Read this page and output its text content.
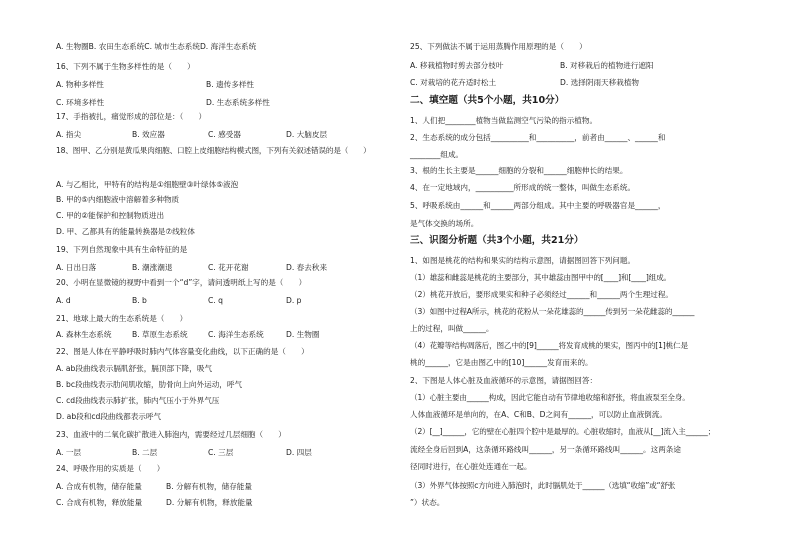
A. 生物圈B. 农田生态系统C. 城市生态系统D. 海洋生态系统
16、下列不属于生物多样性的是（　　）
A. 物种多样性	B. 遗传多样性
C. 环境多样性	D. 生态系统多样性
17、手指被扎，痛觉形成的部位是：（　　）
A. 指尖	B. 效应器	C. 感受器	D. 大脑皮层
18、图甲、乙分别是黄瓜果肉细胞、口腔上皮细胞结构模式图，下列有关叙述错误的是（　　）
A. 与乙相比，甲特有的结构是①细胞壁③叶绿体⑤液泡
B. 甲的⑤内细胞液中溶解着多种物质
C. 甲的②能保护和控制物质进出
D. 甲、乙都具有的能量转换器是⑦线粒体
19、下列自然现象中具有生命特征的是
A. 日出日落	B. 潮涨潮退	C. 花开花谢	D. 春去秋来
20、小明在显微镜的视野中看到一个“d”字，请问透明纸上写的是（　　）
A. d	B. b	C. q	D. p
21、地球上最大的生态系统是（　　）
A. 森林生态系统	B. 草原生态系统	C. 海洋生态系统	D. 生物圈
22、图是人体在平静呼吸时肺内气体容量变化曲线，以下正确的是（　　）
A. ab段曲线表示膈肌舒张，膈顶部下降，吸气
B. bc段曲线表示肋间肌收缩，肋骨向上向外运动，呼气
C. cd段曲线表示肺扩张，肺内气压小于外界气压
D. ab段和cd段曲线都表示呼气
23、血液中的二氧化碳扩散进入肺泡内，需要经过几层细胞（　　）
A. 一层	B. 二层	C. 三层	D. 四层
24、呼吸作用的实质是（　　）
A. 合成有机物，储存能量	B. 分解有机物，储存能量
C. 合成有机物，释放能量	D. 分解有机物，释放能量
25、下列做法不属于运用蒸腾作用原理的是（　　）
A. 移栽植物时剪去部分枝叶	B. 对移栽后的植物进行遮阳
C. 对栽培的花卉适时松土	D. 选择阴雨天移栽植物
二、填空题（共5个小题，共10分）
1、人们把________植物当做监测空气污染的指示植物。
2、生态系统的成分包括__________和__________，前者由______、______和
________组成。
3、根的生长主要是______细胞的分裂和______细胞伸长的结果。
4、在一定地域内，__________所形成的统一整体，叫做生态系统。
5、呼吸系统由______和______两部分组成。其中主要的呼吸器官是______，
是气体交换的场所。
三、识图分析题（共3个小题，共21分）
1、如图是桃花的结构和果实的结构示意图，请据图回答下列问题。
（1）雄蕊和雌蕊是桃花的主要部分，其中雄蕊由图甲中的[____]和[____]组成。
（2）桃花开放后，要形成果实和种子必须经过______和______两个生理过程。
（3）如图中过程A所示，桃花的花粉从一朵花雄蕊的______传到另一朵花雌蕊的______
上的过程，叫做______。
（4）花瓣等结构凋落后，图乙中的[9]______将发育成桃的果实，图丙中的[1]桃仁是
桃的______，它是由图乙中的[10]______发育而来的。
2、下图是人体心脏及血液循环的示意图，请据图回答：
（1）心脏主要由______构成，因此它能自动有节律地收缩和舒张，将血液泵至全身。
人体血液循环是单向的，在A、C和B、D之间有______，可以防止血液倒流。
（2）[__]______，它的壁在心脏四个腔中是最厚的。心脏收缩时，血液从[__]流入主______；
流经全身后回到A，这条循环路线叫______，另一条循环路线叫______。这两条途
径同时进行，在心脏处连通在一起。
（3）外界气体按照c方向进入肺泡时，此时膈肌处于______（选填“收缩”或“舒张
”）状态。
